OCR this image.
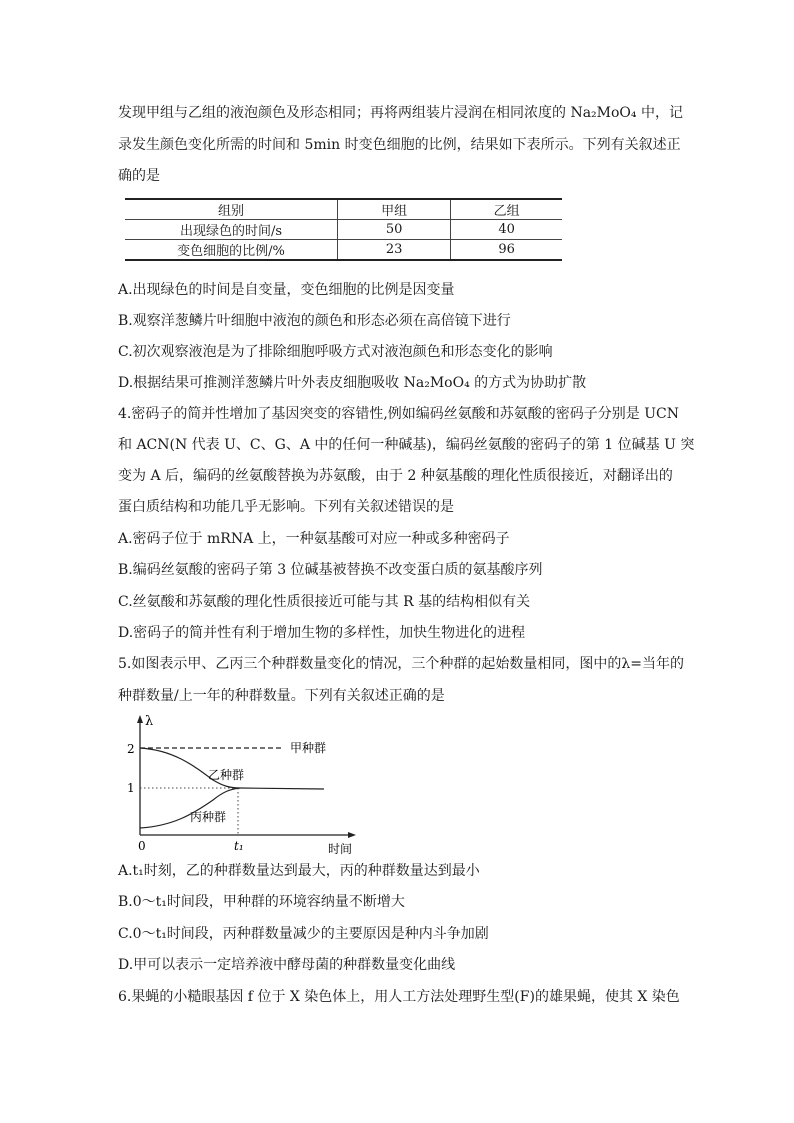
发现甲组与乙组的液泡颜色及形态相同；再将两组装片浸润在相同浓度的 Na₂MoO₄ 中，记
录发生颜色变化所需的时间和 5min 时变色细胞的比例，结果如下表所示。下列有关叙述正
确的是
组别	甲组	乙组
出现绿色的时间/s	50	40
变色细胞的比例/%	23	96
A.出现绿色的时间是自变量，变色细胞的比例是因变量
B.观察洋葱鳞片叶细胞中液泡的颜色和形态必须在高倍镜下进行
C.初次观察液泡是为了排除细胞呼吸方式对液泡颜色和形态变化的影响
D.根据结果可推测洋葱鳞片叶外表皮细胞吸收 Na₂MoO₄ 的方式为协助扩散
4.密码子的简并性增加了基因突变的容错性,例如编码丝氨酸和苏氨酸的密码子分别是 UCN
和 ACN(N 代表 U、C、G、A 中的任何一种碱基)，编码丝氨酸的密码子的第 1 位碱基 U 突
变为 A 后，编码的丝氨酸替换为苏氨酸，由于 2 种氨基酸的理化性质很接近，对翻译出的
蛋白质结构和功能几乎无影响。下列有关叙述错误的是
A.密码子位于 mRNA 上，一种氨基酸可对应一种或多种密码子
B.编码丝氨酸的密码子第 3 位碱基被替换不改变蛋白质的氨基酸序列
C.丝氨酸和苏氨酸的理化性质很接近可能与其 R 基的结构相似有关
D.密码子的简并性有利于增加生物的多样性，加快生物进化的进程
5.如图表示甲、乙丙三个种群数量变化的情况，三个种群的起始数量相同，图中的λ=当年的
种群数量/上一年的种群数量。下列有关叙述正确的是
λ
2
1
0	t₁	时间
甲种群
乙种群
丙种群
A.t₁时刻，乙的种群数量达到最大，丙的种群数量达到最小
B.0～t₁时间段，甲种群的环境容纳量不断增大
C.0～t₁时间段，丙种群数量减少的主要原因是种内斗争加剧
D.甲可以表示一定培养液中酵母菌的种群数量变化曲线
6.果蝇的小糙眼基因 f 位于 X 染色体上，用人工方法处理野生型(F)的雄果蝇，使其 X 染色
